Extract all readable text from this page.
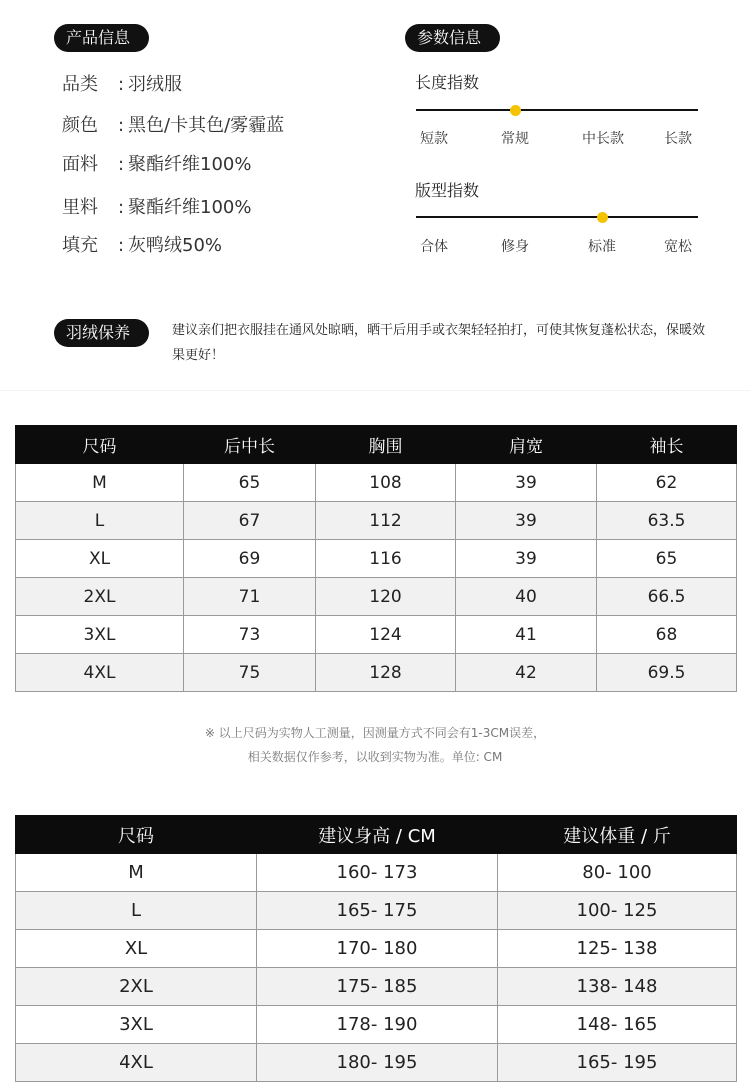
产品信息
品类 : 羽绒服
颜色 : 黑色/卡其色/雾霾蓝
面料 : 聚酯纤维100%
里料 : 聚酯纤维100%
填充 : 灰鸭绒50%
参数信息
长度指数
短款	常规	中长款	长款
版型指数
合体	修身	标准	宽松
羽绒保养	建议亲们把衣服挂在通风处晾晒，晒干后用手或衣架轻轻拍打，可使其恢复蓬松状态，保暖效果更好！
尺码	后中长	胸围	肩宽	袖长
M	65	108	39	62
L	67	112	39	63.5
XL	69	116	39	65
2XL	71	120	40	66.5
3XL	73	124	41	68
4XL	75	128	42	69.5
※ 以上尺码为实物人工测量，因测量方式不同会有1-3CM误差，
相关数据仅作参考，以收到实物为准。单位: CM
尺码	建议身高 / CM	建议体重 / 斤
M	160- 173	80- 100
L	165- 175	100- 125
XL	170- 180	125- 138
2XL	175- 185	138- 148
3XL	178- 190	148- 165
4XL	180- 195	165- 195
